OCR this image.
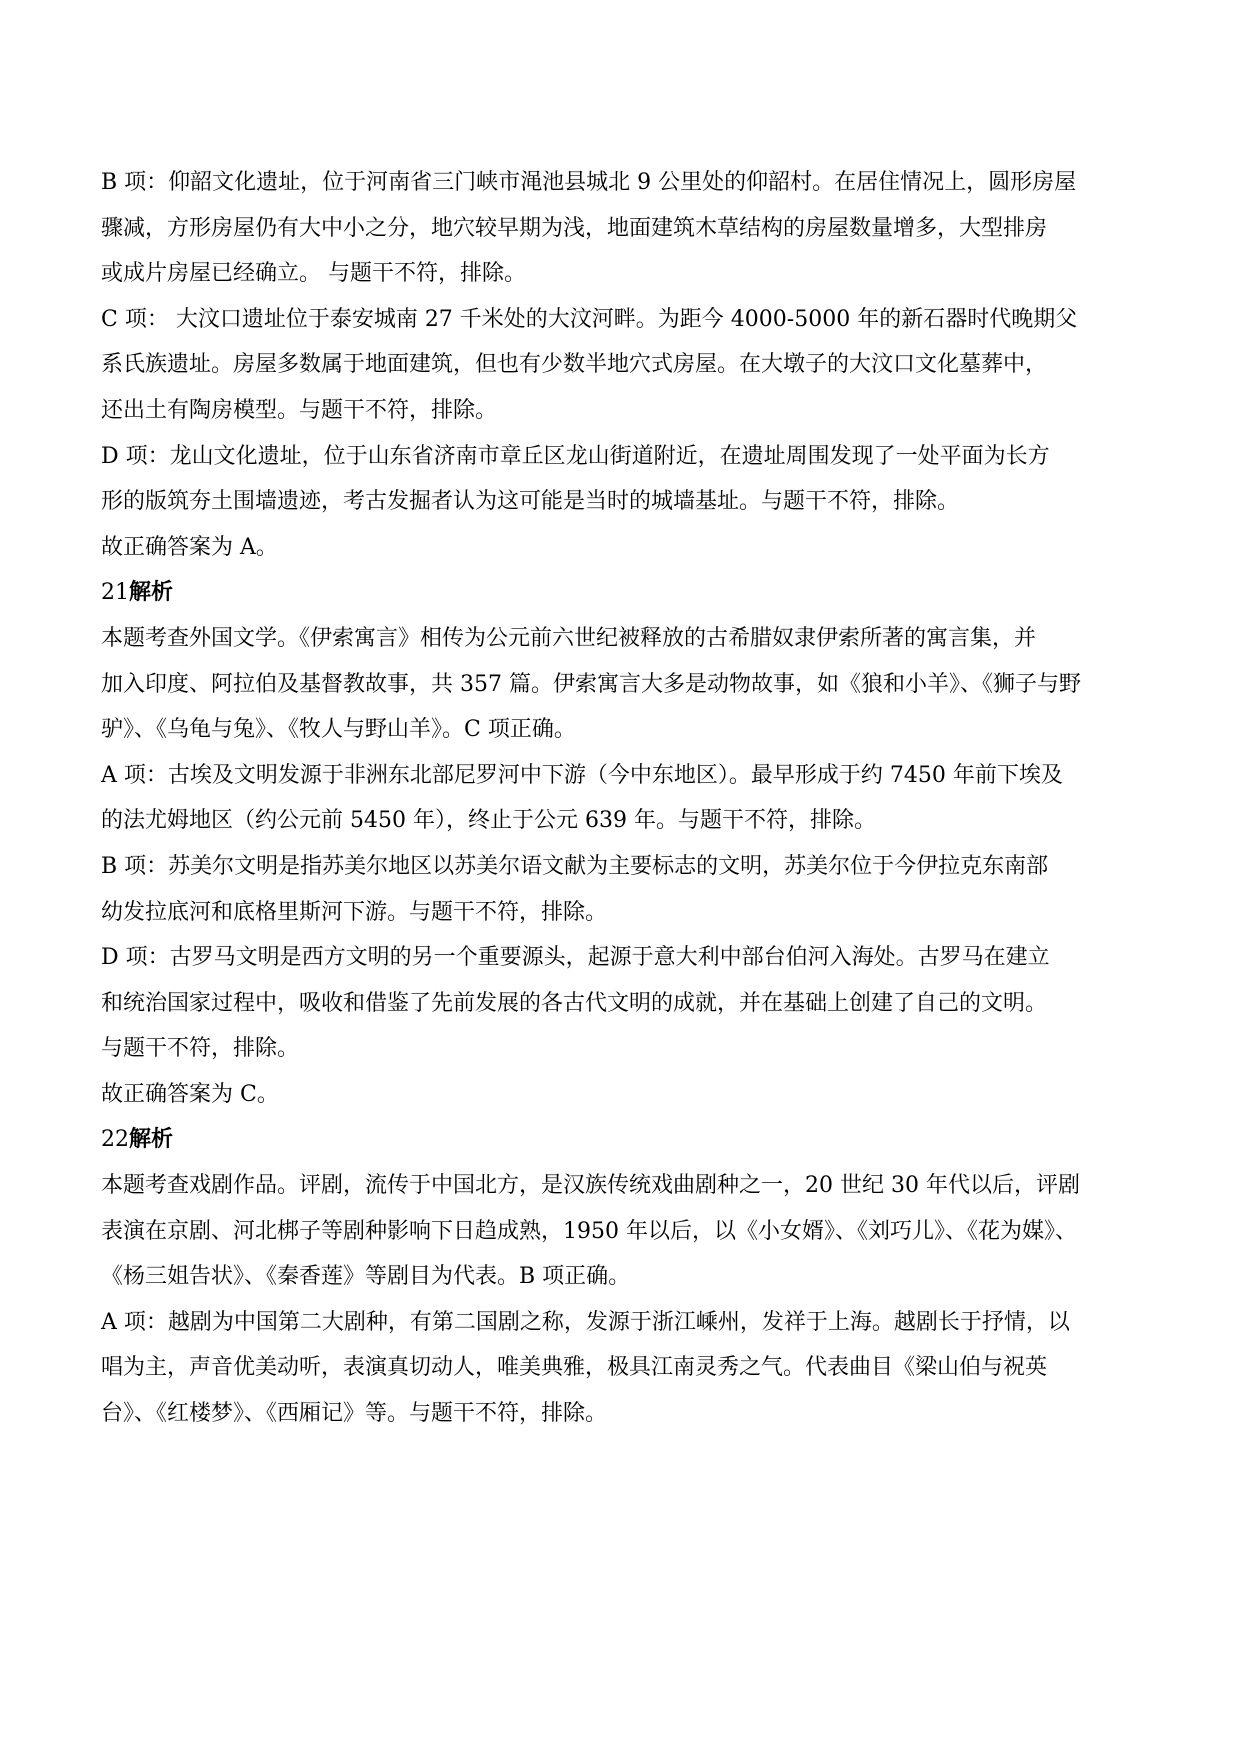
B 项：仰韶文化遗址，位于河南省三门峡市渑池县城北 9 公里处的仰韶村。在居住情况上，圆形房屋
骤减，方形房屋仍有大中小之分，地穴较早期为浅，地面建筑木草结构的房屋数量增多，大型排房
或成片房屋已经确立。 与题干不符，排除。
C 项： 大汶口遗址位于泰安城南 27 千米处的大汶河畔。为距今 4000-5000 年的新石器时代晚期父
系氏族遗址。房屋多数属于地面建筑，但也有少数半地穴式房屋。在大墩子的大汶口文化墓葬中，
还出土有陶房模型。与题干不符，排除。
D 项：龙山文化遗址，位于山东省济南市章丘区龙山街道附近，在遗址周围发现了一处平面为长方
形的版筑夯土围墙遗迹，考古发掘者认为这可能是当时的城墙基址。与题干不符，排除。
故正确答案为 A。
21解析
本题考查外国文学。《伊索寓言》相传为公元前六世纪被释放的古希腊奴隶伊索所著的寓言集，并
加入印度、阿拉伯及基督教故事，共 357 篇。伊索寓言大多是动物故事，如《狼和小羊》、《狮子与野
驴》、《乌龟与兔》、《牧人与野山羊》。C 项正确。
A 项：古埃及文明发源于非洲东北部尼罗河中下游（今中东地区）。最早形成于约 7450 年前下埃及
的法尤姆地区（约公元前 5450 年），终止于公元 639 年。与题干不符，排除。
B 项：苏美尔文明是指苏美尔地区以苏美尔语文献为主要标志的文明，苏美尔位于今伊拉克东南部
幼发拉底河和底格里斯河下游。与题干不符，排除。
D 项：古罗马文明是西方文明的另一个重要源头，起源于意大利中部台伯河入海处。古罗马在建立
和统治国家过程中，吸收和借鉴了先前发展的各古代文明的成就，并在基础上创建了自己的文明。
与题干不符，排除。
故正确答案为 C。
22解析
本题考查戏剧作品。评剧，流传于中国北方，是汉族传统戏曲剧种之一，20 世纪 30 年代以后，评剧
表演在京剧、河北梆子等剧种影响下日趋成熟，1950 年以后，以《小女婿》、《刘巧儿》、《花为媒》、
《杨三姐告状》、《秦香莲》等剧目为代表。B 项正确。
A 项：越剧为中国第二大剧种，有第二国剧之称，发源于浙江嵊州，发祥于上海。越剧长于抒情，以
唱为主，声音优美动听，表演真切动人，唯美典雅，极具江南灵秀之气。代表曲目《梁山伯与祝英
台》、《红楼梦》、《西厢记》等。与题干不符，排除。
